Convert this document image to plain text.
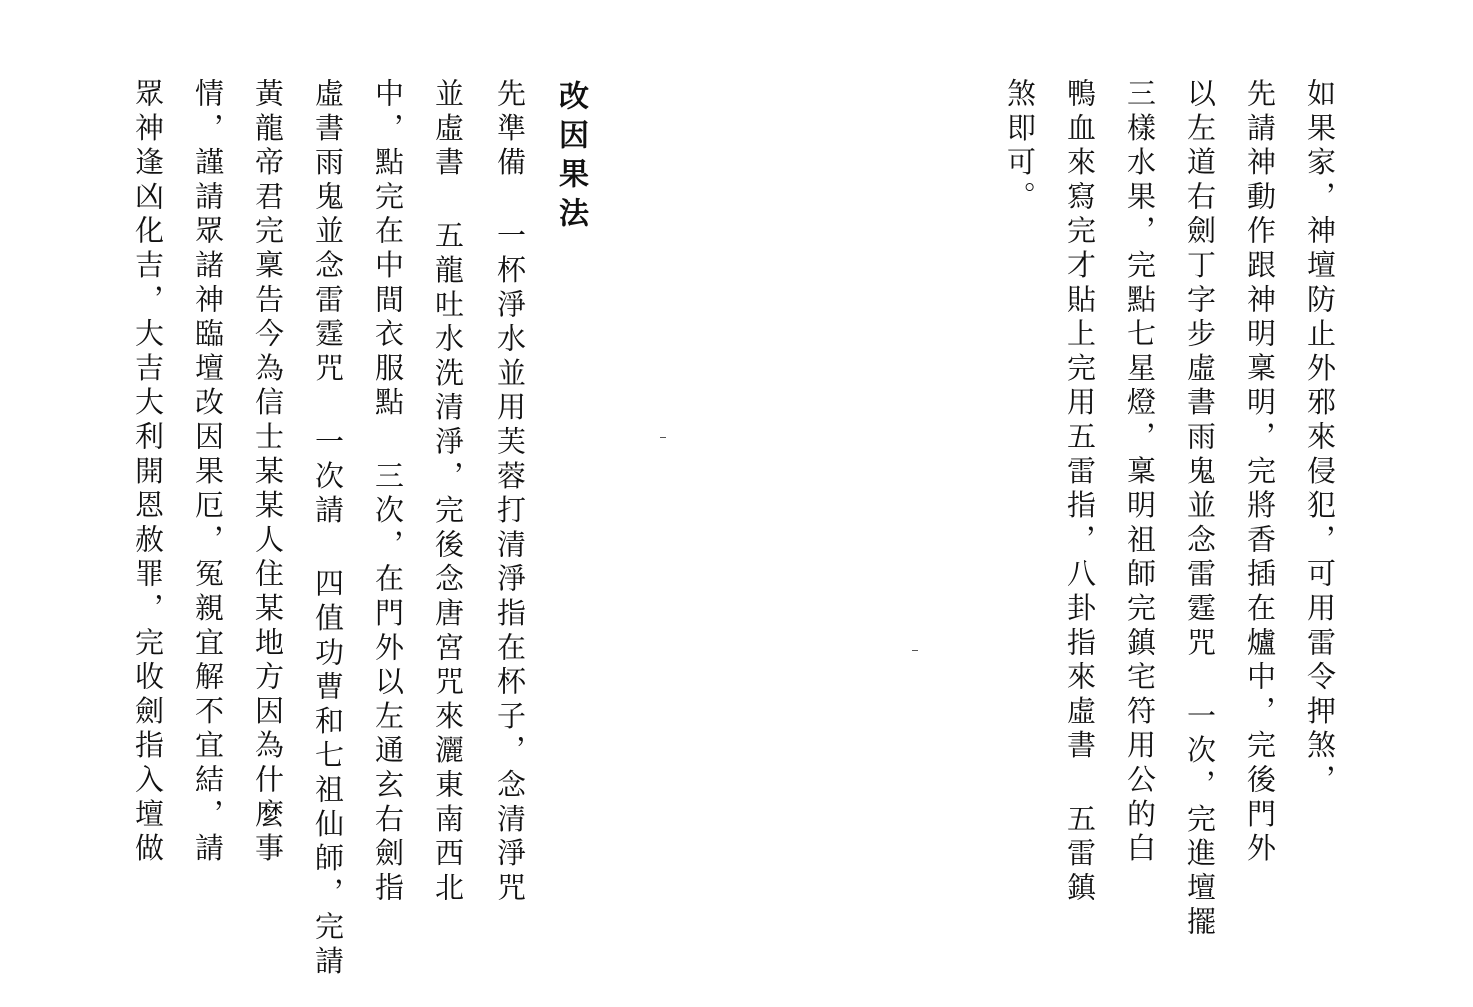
如果家，神壇防止外邪來侵犯，可用雷令押煞，
先請神動作跟神明稟明，完將香插在爐中，完後門外
以左道右劍丁字步虛書雨鬼並念雷霆咒 一次，完進壇擺
三樣水果，完點七星燈，稟明祖師完鎮宅符用公的白
鴨血來寫完才貼上完用五雷指，八卦指來虛書 五雷鎮
煞即可。
改因果法
先準備 一杯淨水並用芙蓉打清淨指在杯子，念清淨咒
並虛書 五龍吐水洗清淨，完後念唐宮咒來灑東南西北
中，點完在中間衣服點 三次，在門外以左通玄右劍指
虛書雨鬼並念雷霆咒 一次請 四值功曹和七祖仙師，完請
黃龍帝君完稟告今為信士某某人住某地方因為什麼事
情，謹請眾諸神臨壇改因果厄，冤親宜解不宜結，請
眾神逢凶化吉，大吉大利開恩赦罪，完收劍指入壇做
